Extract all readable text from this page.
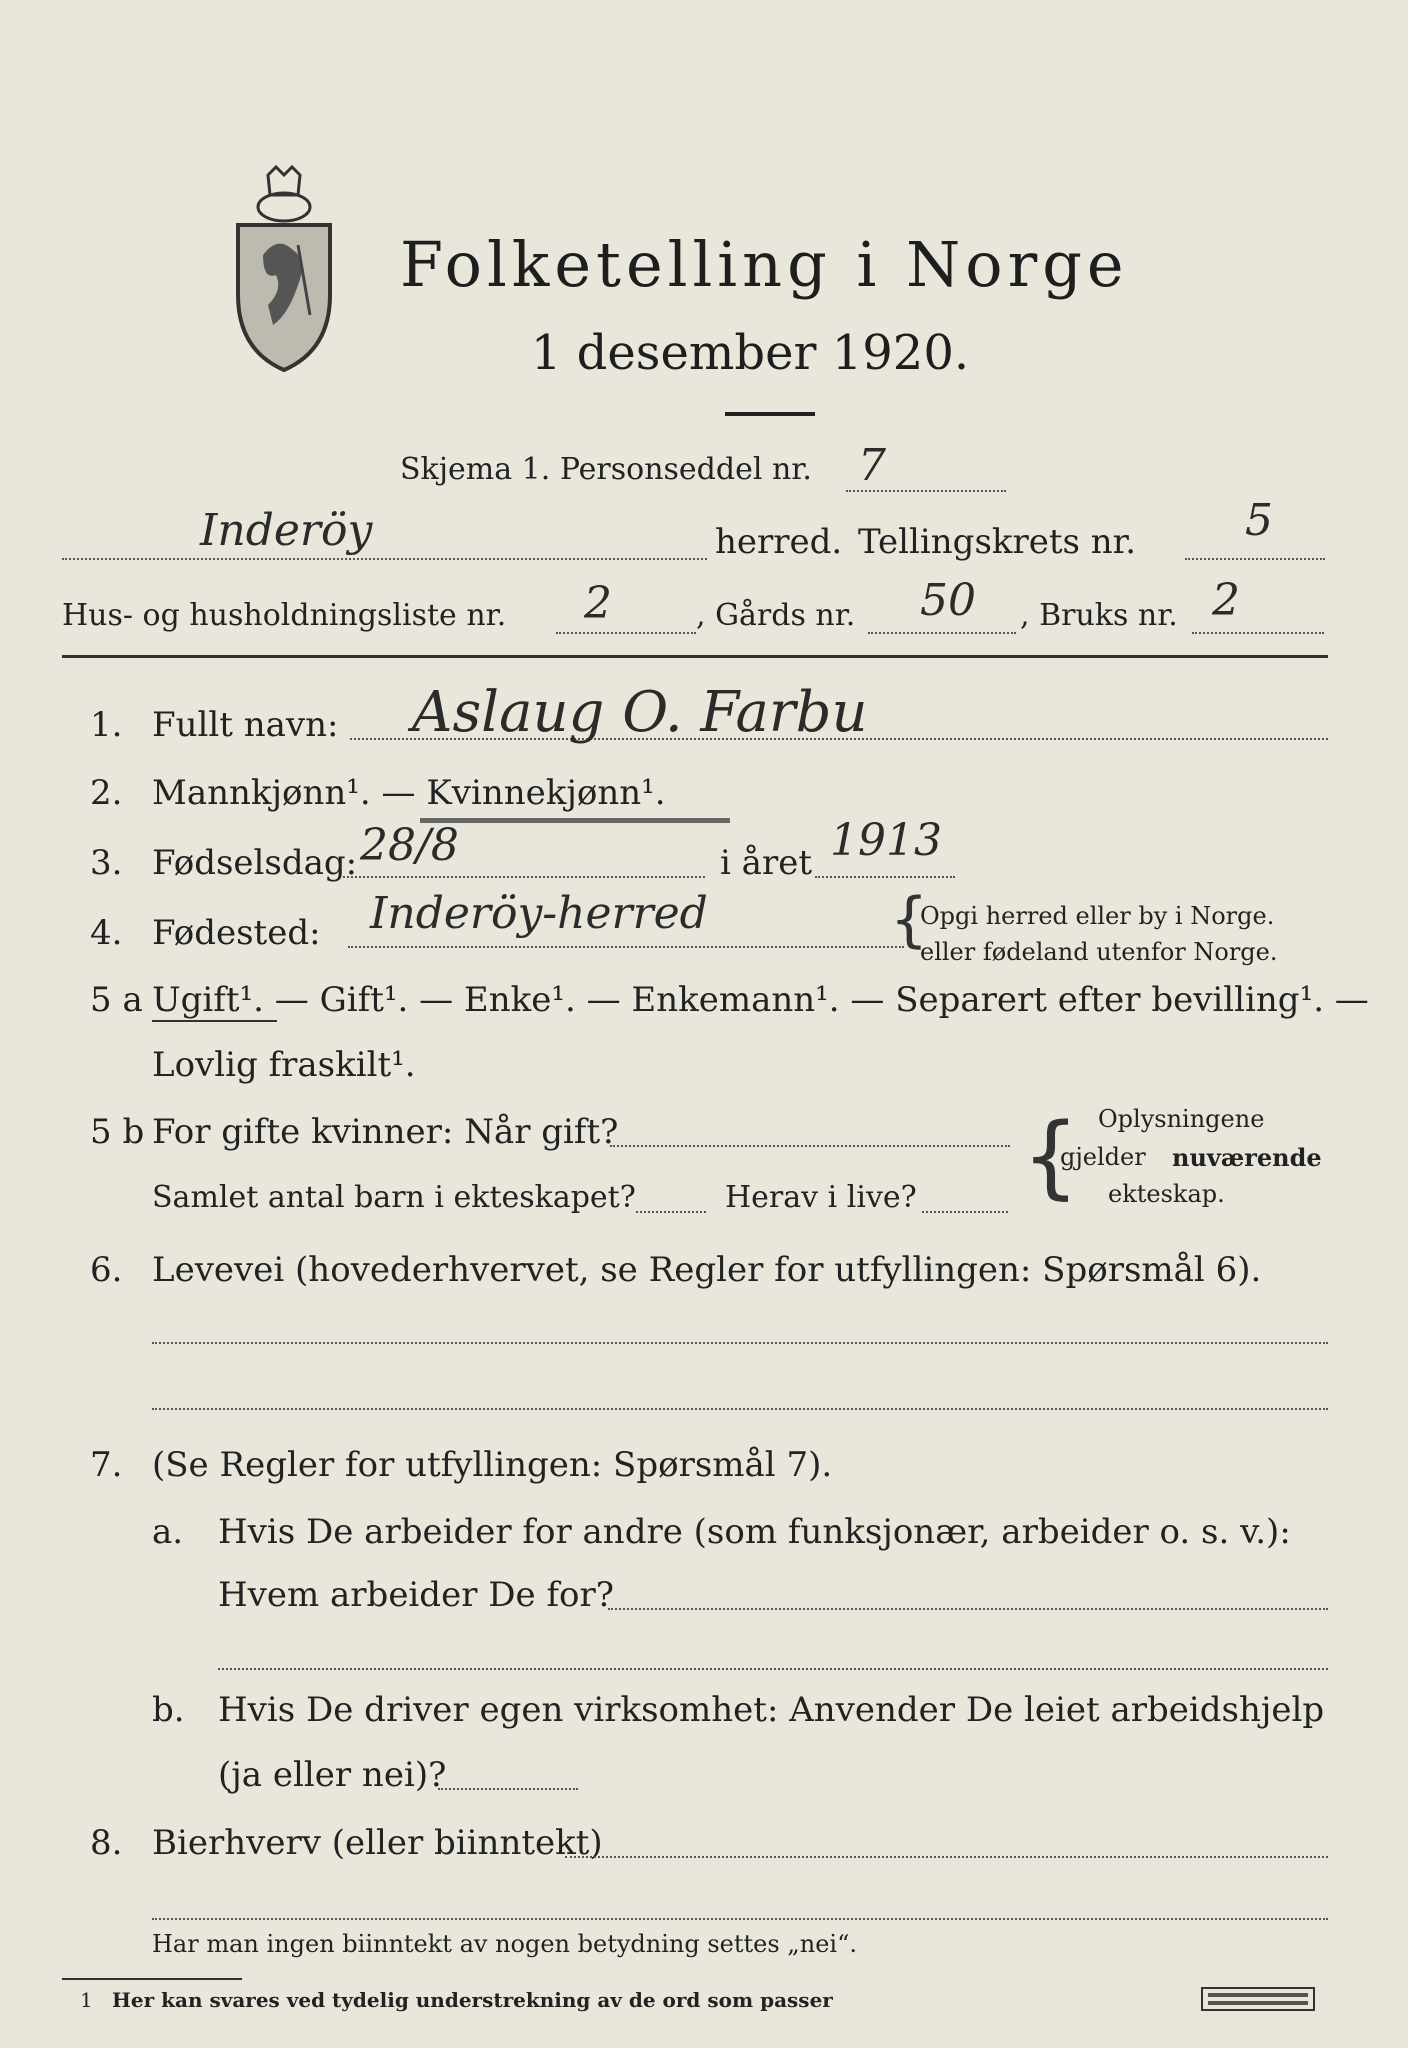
Folketelling i Norge
1 desember 1920.
Skjema 1. Personseddel nr. 7
Inderöy	herred. Tellingskrets nr. 5
Hus- og husholdningsliste nr. 2	, Gårds nr. 50 , Bruks nr. 2
1. Fullt navn: Aslaug O. Farbu
2. Mannkjønn¹. — Kvinnekjønn¹.
3. Fødselsdag: 28/8	i året 1913
4. Fødested: Inderöy-herred	{
Opgi herred eller by i Norge.
eller fødeland utenfor Norge.
5 a Ugift¹. — Gift¹. — Enke¹. — Enkemann¹. — Separert efter bevilling¹. —
Lovlig fraskilt¹.
5 b For gifte kvinner: Når gift?
Samlet antal barn i ekteskapet?	Herav i live? { Oplysningene
gjelder nuværende
ekteskap.
6. Levevei (hovederhvervet, se Regler for utfyllingen: Spørsmål 6).
7. (Se Regler for utfyllingen: Spørsmål 7).
a. Hvis De arbeider for andre (som funksjonær, arbeider o. s. v.):
Hvem arbeider De for?
b. Hvis De driver egen virksomhet: Anvender De leiet arbeidshjelp
(ja eller nei)?
8. Bierhverv (eller biinntekt)
Har man ingen biinntekt av nogen betydning settes „nei“.
1 Her kan svares ved tydelig understrekning av de ord som passer
